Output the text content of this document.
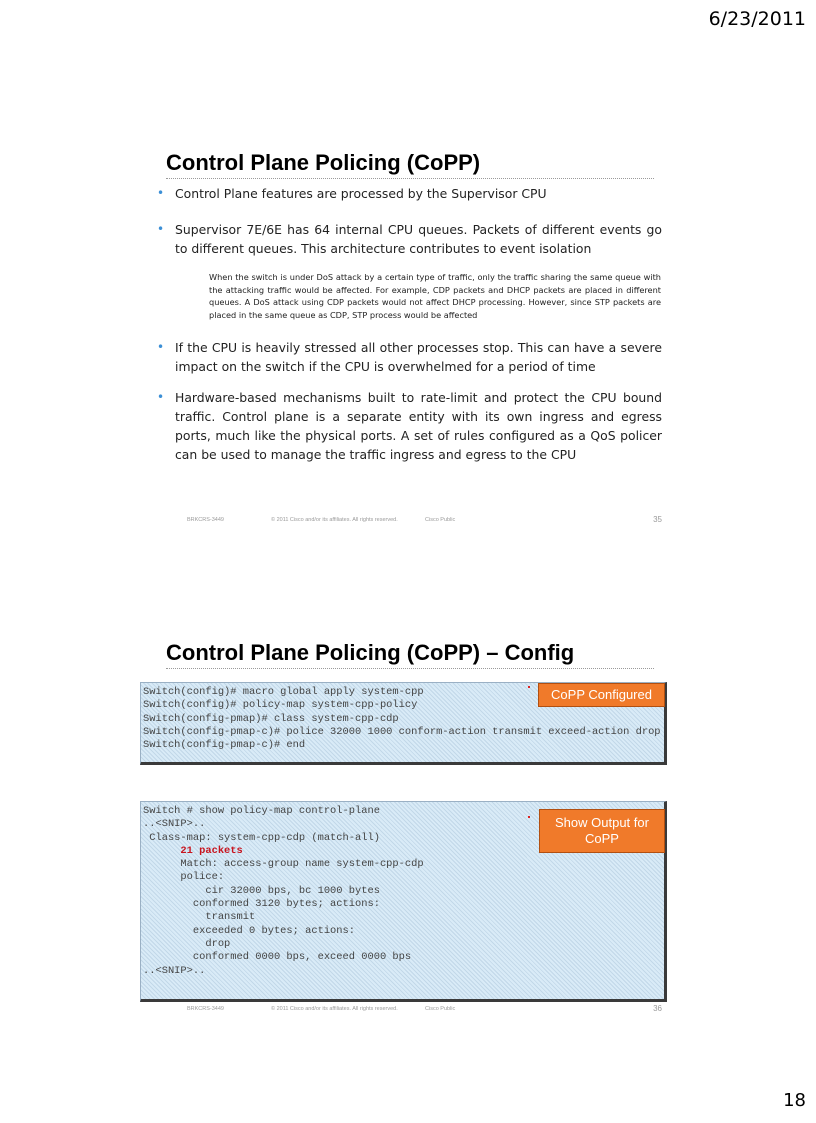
6/23/2011
Control Plane Policing (CoPP)
• Control Plane features are processed by the Supervisor CPU
• Supervisor 7E/6E has 64 internal CPU queues. Packets of different events go to different queues. This architecture contributes to event isolation
When the switch is under DoS attack by a certain type of traffic, only the traffic sharing the same queue with the attacking traffic would be affected. For example, CDP packets and DHCP packets are placed in different queues. A DoS attack using CDP packets would not affect DHCP processing. However, since STP packets are placed in the same queue as CDP, STP process would be affected
• If the CPU is heavily stressed all other processes stop. This can have a severe impact on the switch if the CPU is overwhelmed for a period of time
• Hardware-based mechanisms built to rate-limit and protect the CPU bound traffic. Control plane is a separate entity with its own ingress and egress ports, much like the physical ports. A set of rules configured as a QoS policer can be used to manage the traffic ingress and egress to the CPU
BRKCRS-3449	© 2011 Cisco and/or its affiliates. All rights reserved.	Cisco Public	35
Control Plane Policing (CoPP) – Config
Switch(config)# macro global apply system-cpp
Switch(config)# policy-map system-cpp-policy
Switch(config-pmap)# class system-cpp-cdp
Switch(config-pmap-c)# police 32000 1000 conform-action transmit exceed-action drop
Switch(config-pmap-c)# end
CoPP Configured
Switch # show policy-map control-plane
..<SNIP>..
Class-map: system-cpp-cdp (match-all)
21 packets
Match: access-group name system-cpp-cdp
police:
cir 32000 bps, bc 1000 bytes
conformed 3120 bytes; actions:
transmit
exceeded 0 bytes; actions:
drop
conformed 0000 bps, exceed 0000 bps
..<SNIP>..
Show Output for CoPP
BRKCRS-3449	© 2011 Cisco and/or its affiliates. All rights reserved.	Cisco Public	36
18
